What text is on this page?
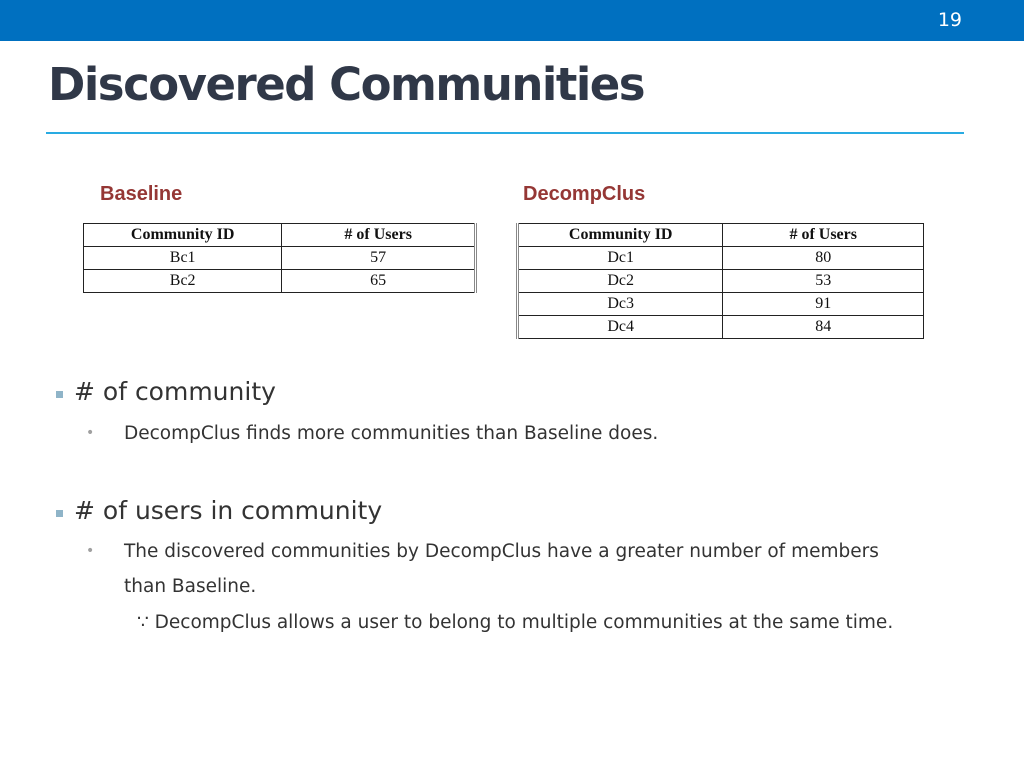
19
Discovered Communities

Baseline

Community ID	# of Users
Bc1	57
Bc2	65

DecompClus

Community ID	# of Users
Dc1	80
Dc2	53
Dc3	91
Dc4	84

# of community

• DecompClus finds more communities than Baseline does.

# of users in community

• The discovered communities by DecompClus have a greater number of members than Baseline.

∵ DecompClus allows a user to belong to multiple communities at the same time.
